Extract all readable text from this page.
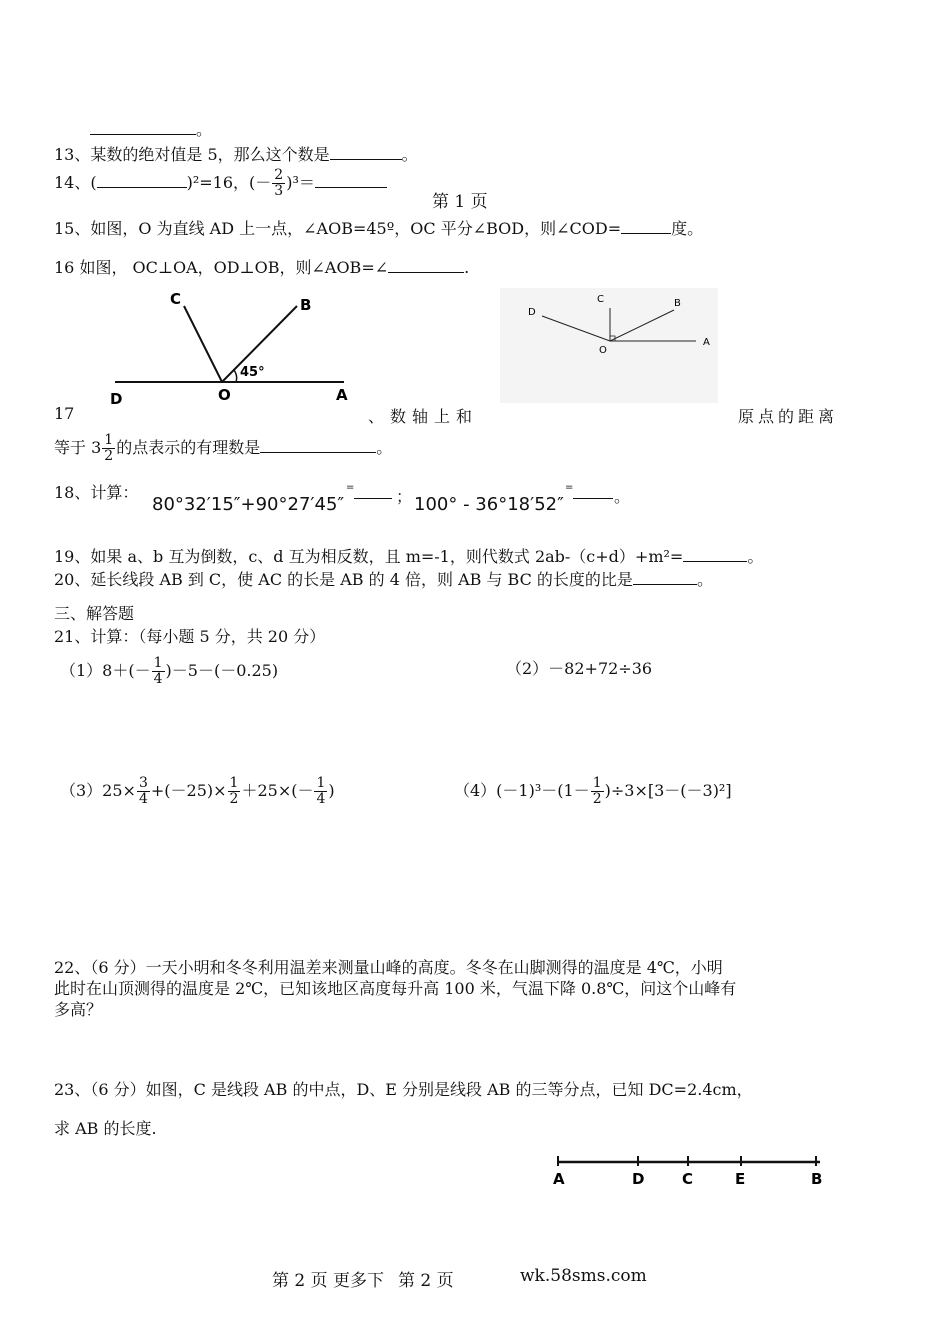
。
13、某数的绝对值是 5，那么这个数是	。
14、(	)²=16，(－ $\frac{2}{3} )^3=$
第 1 页
15、如图，O 为直线 AD 上一点，∠AOB=45º，OC 平分∠BOD，则∠COD=	度。
16 如图， OC⊥OA，OD⊥OB，则∠AOB=∠	.
C	B
45°
D	O	A
D
C	B
O
A
17	、数轴上和	原点的距离
等于 $3 \frac{1}{2}$ 的点表示的有理数是	。
18、计算：
80°32′15″+90°27′45″
=	； 100° - 36°18′52″
=	。
19、如果 a、b 互为倒数，c、d 互为相反数，且 m=-1，则代数式 2ab-（c+d）+m²=	。
20、延长线段 AB 到 C，使 AC 的长是 AB 的 4 倍，则 AB 与 BC 的长度的比是	。
三、解答题
21、计算：（每小题 5 分，共 20 分）
$(1)8+(- \frac{1}{4} )-5-(-0.25)$	（2）－82+72÷36
$(3)25\times \frac{3}{4} +(-25)\times \frac{1}{2} +25\times(- \frac{1}{4}$ )	$(4)(-1)^3-(1- \frac{1}{2} )\div 3\times[3-(-3)^2]$
22、（6 分）一天小明和冬冬利用温差来测量山峰的高度。冬冬在山脚测得的温度是 4℃，小明
此时在山顶测得的温度是 2℃，已知该地区高度每升高 100 米，气温下降 0.8℃，问这个山峰有
多高？
23、（6 分）如图，C 是线段 AB 的中点，D、E 分别是线段 AB 的三等分点，已知 DC=2.4cm，
求 AB 的长度.
A	D	C	E	B
第 2 页 更多下 第 2 页	wk.58sms.com
